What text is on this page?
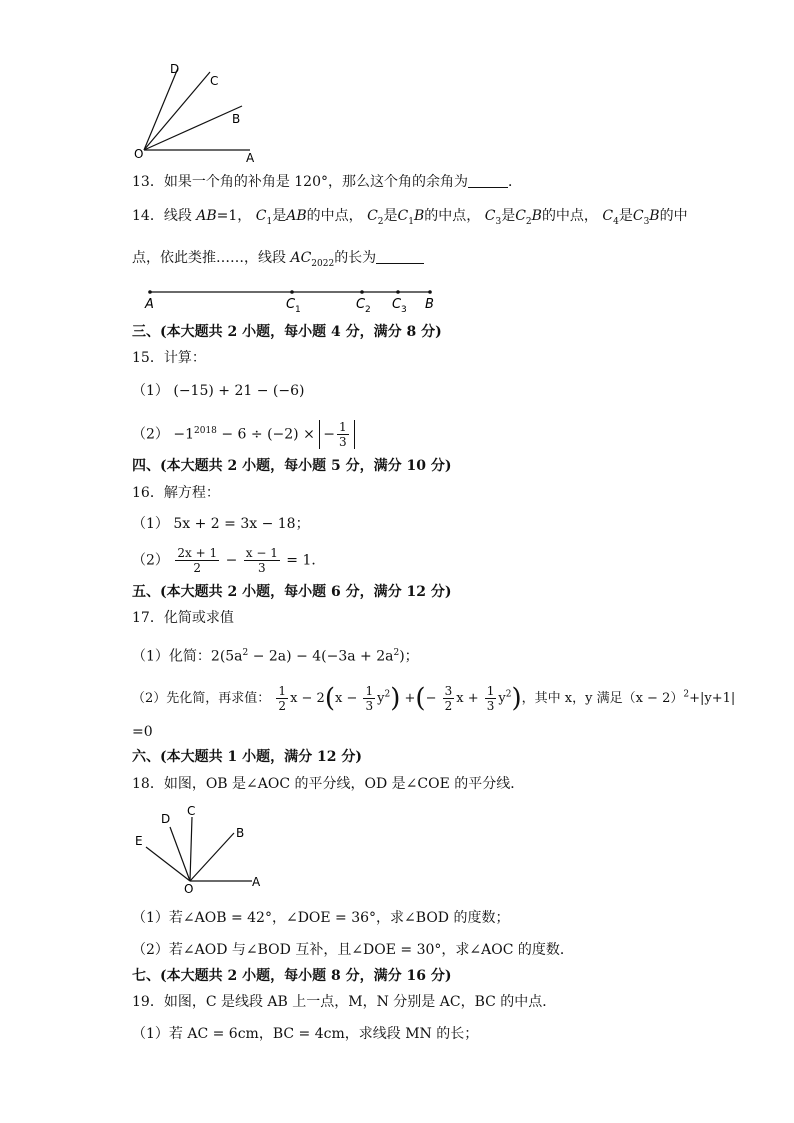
D
C
B
O	A
13．如果一个角的补角是 120°，那么这个角的余角为	．
14．线段 AB=1， $C_1$是AB的中点， $C_2$是$C_1B$的中点， $C_3$是$C_2B$的中点， $C_4$是$C_3B$的中
点，依此类推……，线段 $AC_{2022}$的长为
A	C 1	C 2 C 3 B
三、(本大题共 2 小题，每小题 4 分，满分 8 分)
15．计算：
（1） (−15) + 21 − (−6)
$(2) -1^{2018} - 6 \div (-2)$ × − $\frac{1}{3}$
四、(本大题共 2 小题，每小题 5 分，满分 10 分)
16．解方程：
（1） 5x + 2 = 3x − 18；
$(2) \frac{2x + 1}{2} - \frac{x - 1}{3} = 1$．
五、(本大题共 2 小题，每小题 6 分，满分 12 分)
17．化简或求值
（1）化简：$2(5a^2 - 2a) - 4(-3a + 2a^2)$；
（2）先化简，再求值： $\frac{1}{2}$ $x - 2(x - \frac{1}{3} y^2)$ +(− $\frac{3}{2}$ $x + \frac{1}{3} y^2$)，其中 x，y 满足$(x - 2)^2+|y+1|$
=0
六、(本大题共 1 小题，满分 12 分)
18．如图，OB 是∠AOC 的平分线，OD 是∠COE 的平分线．
D
C
B
E
O	A
（1）若∠AOB = 42°，∠DOE = 36°，求∠BOD 的度数；
（2）若∠AOD 与∠BOD 互补，且∠DOE = 30°，求∠AOC 的度数．
七、(本大题共 2 小题，每小题 8 分，满分 16 分)
19．如图，C 是线段 AB 上一点，M，N 分别是 AC，BC 的中点．
（1）若 AC = 6cm，BC = 4cm，求线段 MN 的长；
